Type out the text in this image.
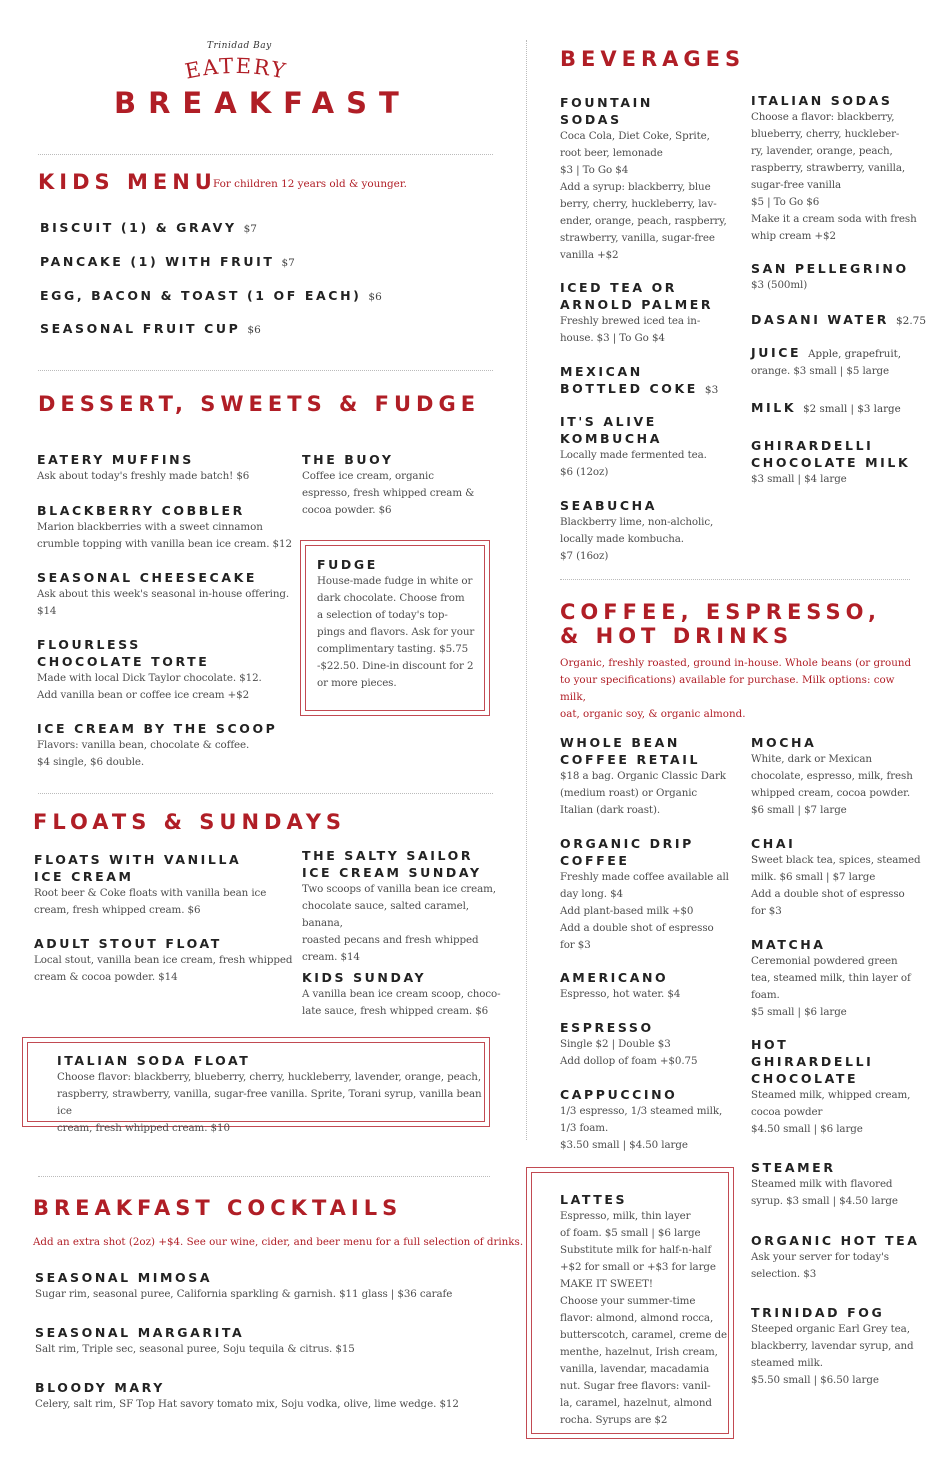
Trinidad Bay
EATERY
BREAKFAST
KIDS MENU
For children 12 years old & younger.
BISCUIT (1) & GRAVY $7
PANCAKE (1) WITH FRUIT $7
EGG, BACON & TOAST (1 OF EACH) $6
SEASONAL FRUIT CUP $6
DESSERT, SWEETS & FUDGE
EATERY MUFFINS
Ask about today's freshly made batch! $6
BLACKBERRY COBBLER
Marion blackberries with a sweet cinnamon
crumble topping with vanilla bean ice cream. $12
SEASONAL CHEESECAKE
Ask about this week's seasonal in-house offering.
$14
FLOURLESS
CHOCOLATE TORTE
Made with local Dick Taylor chocolate. $12.
Add vanilla bean or coffee ice cream +$2
ICE CREAM BY THE SCOOP
Flavors: vanilla bean, chocolate & coffee.
$4 single, $6 double.
THE BUOY
Coffee ice cream, organic
espresso, fresh whipped cream &
cocoa powder. $6
FUDGE
House-made fudge in white or
dark chocolate. Choose from
a selection of today's top-
pings and flavors. Ask for your
complimentary tasting. $5.75
-$22.50. Dine-in discount for 2
or more pieces.
FLOATS & SUNDAYS
FLOATS WITH VANILLA
ICE CREAM
Root beer & Coke floats with vanilla bean ice
cream, fresh whipped cream. $6
ADULT STOUT FLOAT
Local stout, vanilla bean ice cream, fresh whipped
cream & cocoa powder. $14
THE SALTY SAILOR
ICE CREAM SUNDAY
Two scoops of vanilla bean ice cream,
chocolate sauce, salted caramel, banana,
roasted pecans and fresh whipped
cream. $14
KIDS SUNDAY
A vanilla bean ice cream scoop, choco-
late sauce, fresh whipped cream. $6
ITALIAN SODA FLOAT
Choose flavor: blackberry, blueberry, cherry, huckleberry, lavender, orange, peach,
raspberry, strawberry, vanilla, sugar-free vanilla. Sprite, Torani syrup, vanilla bean ice
cream, fresh whipped cream. $10
BREAKFAST COCKTAILS
Add an extra shot (2oz) +$4. See our wine, cider, and beer menu for a full selection of drinks.
SEASONAL MIMOSA
Sugar rim, seasonal puree, California sparkling & garnish. $11 glass | $36 carafe
SEASONAL MARGARITA
Salt rim, Triple sec, seasonal puree, Soju tequila & citrus. $15
BLOODY MARY
Celery, salt rim, SF Top Hat savory tomato mix, Soju vodka, olive, lime wedge. $12
BEVERAGES
FOUNTAIN
SODAS
Coca Cola, Diet Coke, Sprite,
root beer, lemonade
$3 | To Go $4
Add a syrup: blackberry, blue
berry, cherry, huckleberry, lav-
ender, orange, peach, raspberry,
strawberry, vanilla, sugar-free
vanilla +$2
ICED TEA OR
ARNOLD PALMER
Freshly brewed iced tea in-
house. $3 | To Go $4
MEXICAN
BOTTLED COKE $3
IT'S ALIVE
KOMBUCHA
Locally made fermented tea.
$6 (12oz)
SEABUCHA
Blackberry lime, non-alcholic,
locally made kombucha.
$7 (16oz)
ITALIAN SODAS
Choose a flavor: blackberry,
blueberry, cherry, huckleber-
ry, lavender, orange, peach,
raspberry, strawberry, vanilla,
sugar-free vanilla
$5 | To Go $6
Make it a cream soda with fresh
whip cream +$2
SAN PELLEGRINO
$3 (500ml)
DASANI WATER $2.75
JUICE Apple, grapefruit,
orange. $3 small | $5 large
MILK $2 small | $3 large
GHIRARDELLI
CHOCOLATE MILK
$3 small | $4 large
COFFEE, ESPRESSO,
& HOT DRINKS
Organic, freshly roasted, ground in-house. Whole beans (or ground
to your specifications) available for purchase. Milk options: cow milk,
oat, organic soy, & organic almond.
WHOLE BEAN
COFFEE RETAIL
$18 a bag. Organic Classic Dark
(medium roast) or Organic
Italian (dark roast).
ORGANIC DRIP
COFFEE
Freshly made coffee available all
day long. $4
Add plant-based milk +$0
Add a double shot of espresso
for $3
AMERICANO
Espresso, hot water. $4
ESPRESSO
Single $2 | Double $3
Add dollop of foam +$0.75
CAPPUCCINO
1/3 espresso, 1/3 steamed milk,
1/3 foam.
$3.50 small | $4.50 large
MOCHA
White, dark or Mexican
chocolate, espresso, milk, fresh
whipped cream, cocoa powder.
$6 small | $7 large
CHAI
Sweet black tea, spices, steamed
milk. $6 small | $7 large
Add a double shot of espresso
for $3
MATCHA
Ceremonial powdered green
tea, steamed milk, thin layer of
foam.
$5 small | $6 large
HOT
GHIRARDELLI
CHOCOLATE
Steamed milk, whipped cream,
cocoa powder
$4.50 small | $6 large
STEAMER
Steamed milk with flavored
syrup. $3 small | $4.50 large
ORGANIC HOT TEA
Ask your server for today's
selection. $3
TRINIDAD FOG
Steeped organic Earl Grey tea,
blackberry, lavendar syrup, and
steamed milk.
$5.50 small | $6.50 large
LATTES
Espresso, milk, thin layer
of foam. $5 small | $6 large
Substitute milk for half-n-half
+$2 for small or +$3 for large
MAKE IT SWEET!
Choose your summer-time
flavor: almond, almond rocca,
butterscotch, caramel, creme de
menthe, hazelnut, Irish cream,
vanilla, lavendar, macadamia
nut. Sugar free flavors: vanil-
la, caramel, hazelnut, almond
rocha. Syrups are $2
